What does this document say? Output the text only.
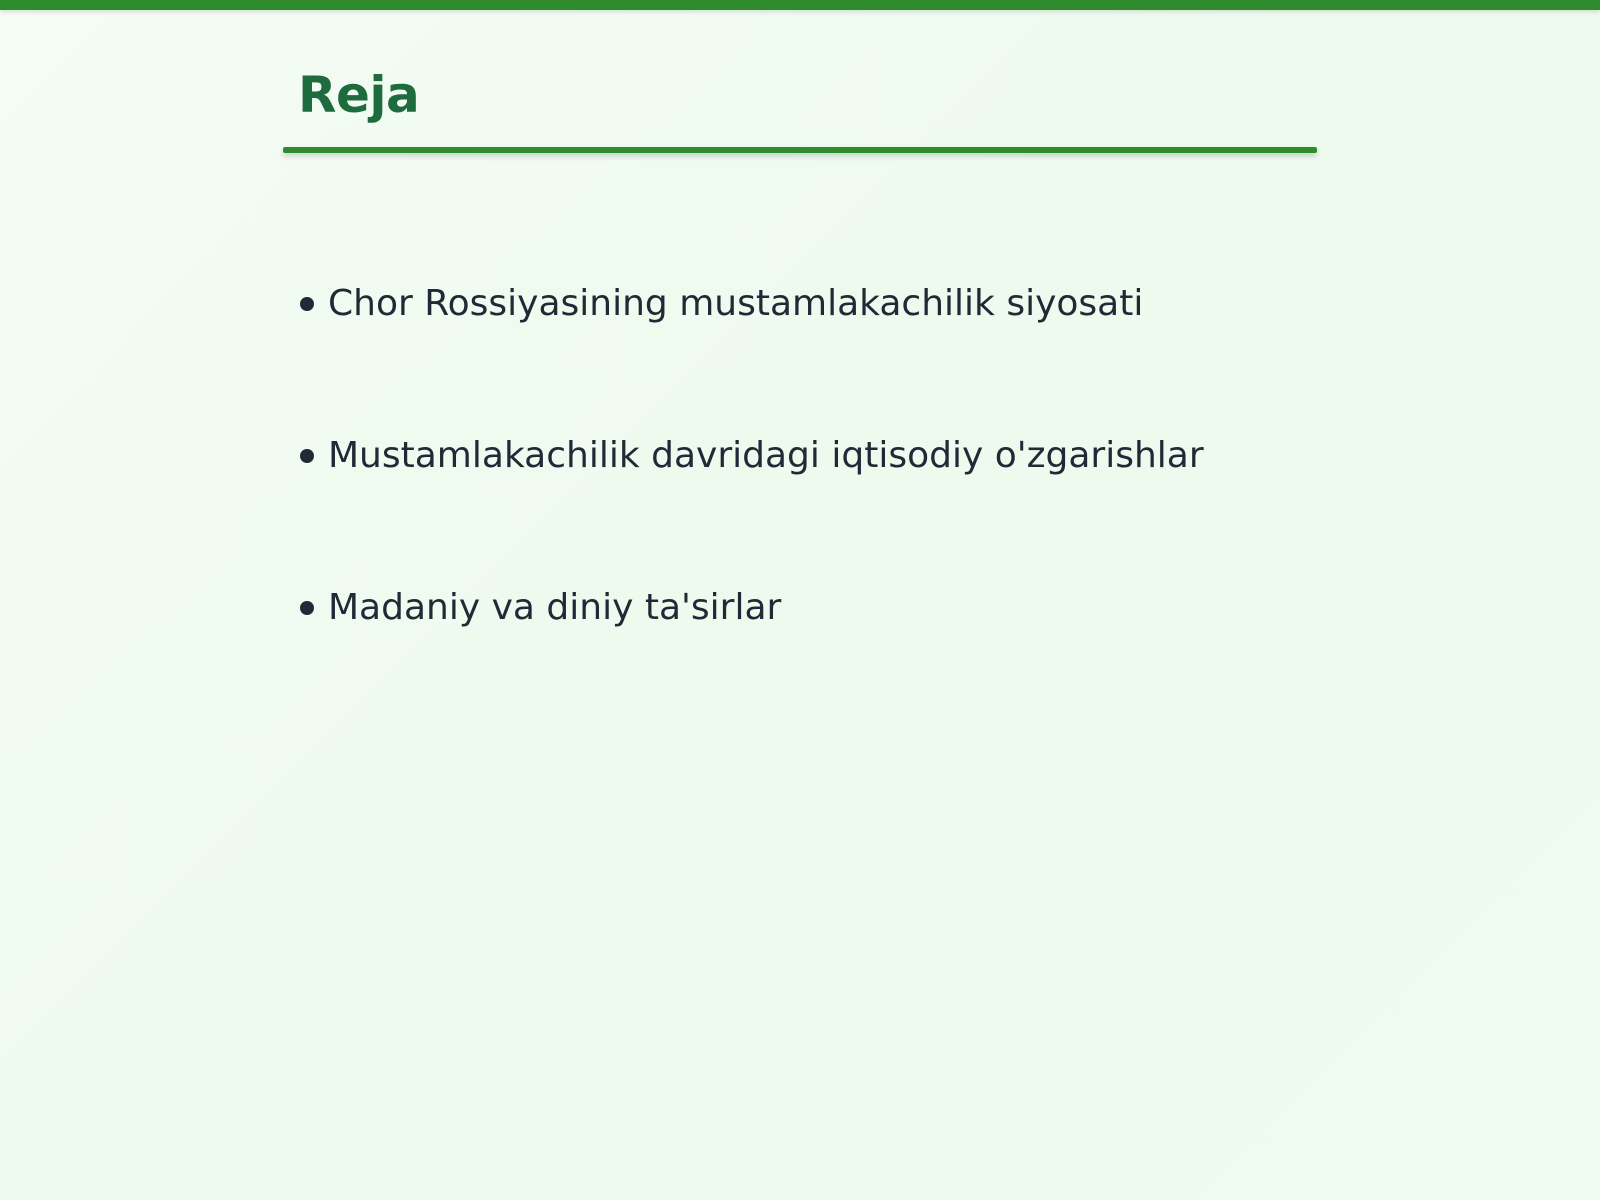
Reja
Chor Rossiyasining mustamlakachilik siyosati
Mustamlakachilik davridagi iqtisodiy o'zgarishlar
Madaniy va diniy ta'sirlar
